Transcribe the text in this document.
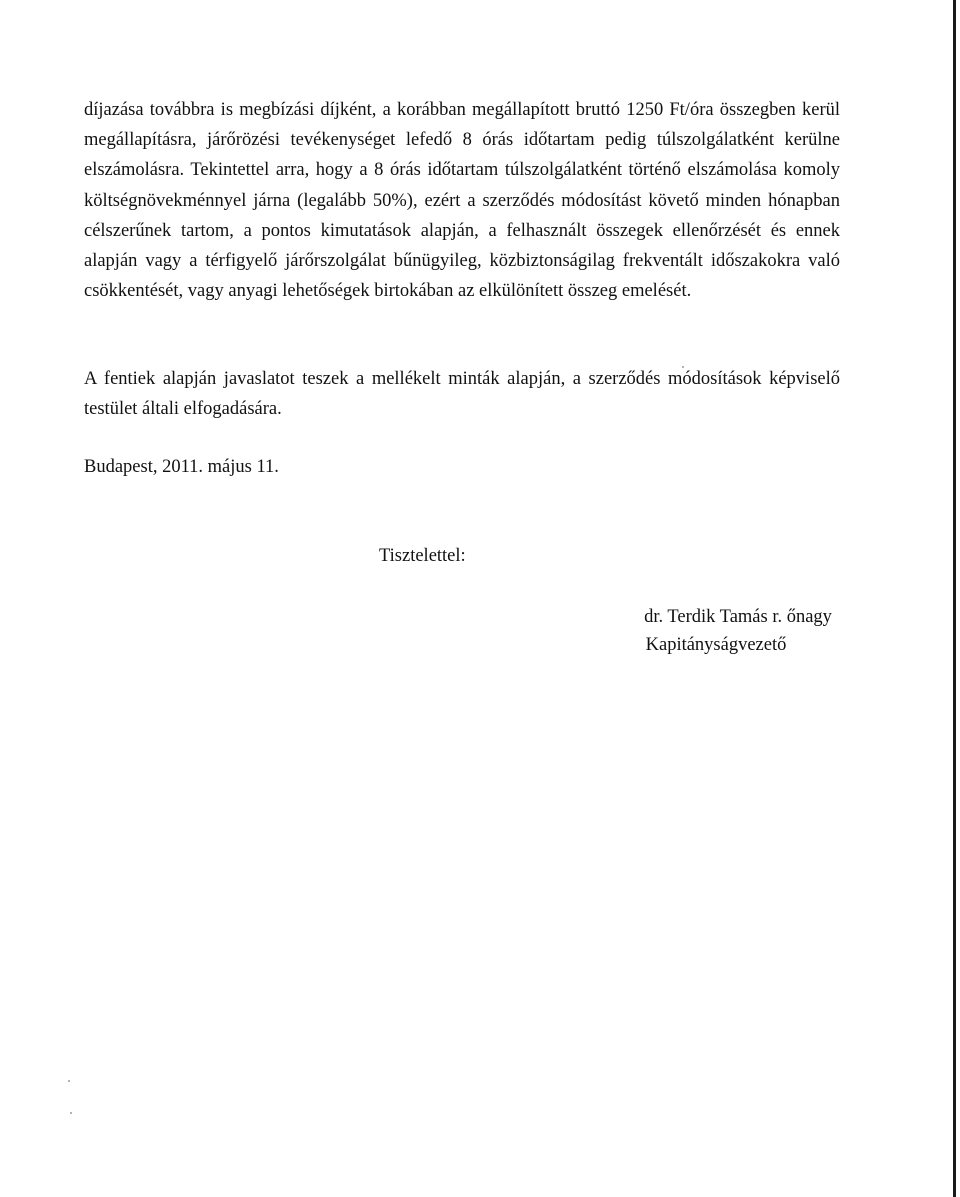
díjazása továbbra is megbízási díjként, a korábban megállapított bruttó 1250 Ft/óra összegben kerül megállapításra, járőrözési tevékenységet lefedő 8 órás időtartam pedig túlszolgálatként kerülne elszámolásra. Tekintettel arra, hogy a 8 órás időtartam túlszolgálatként történő elszámolása komoly költségnövekménnyel járna (legalább 50%), ezért a szerződés módosítást követő minden hónapban célszerűnek tartom, a pontos kimutatások alapján, a felhasznált összegek ellenőrzését és ennek alapján vagy a térfigyelő járőrszolgálat bűnügyileg, közbiztonságilag frekventált időszakokra való csökkentését, vagy anyagi lehetőségek birtokában az elkülönített összeg emelését.

A fentiek alapján javaslatot teszek a mellékelt minták alapján, a szerződés módosítások képviselő testület általi elfogadására.

Budapest, 2011. május 11.

Tisztelettel:

dr. Terdik Tamás r. őnagy

Kapitányságvezető
